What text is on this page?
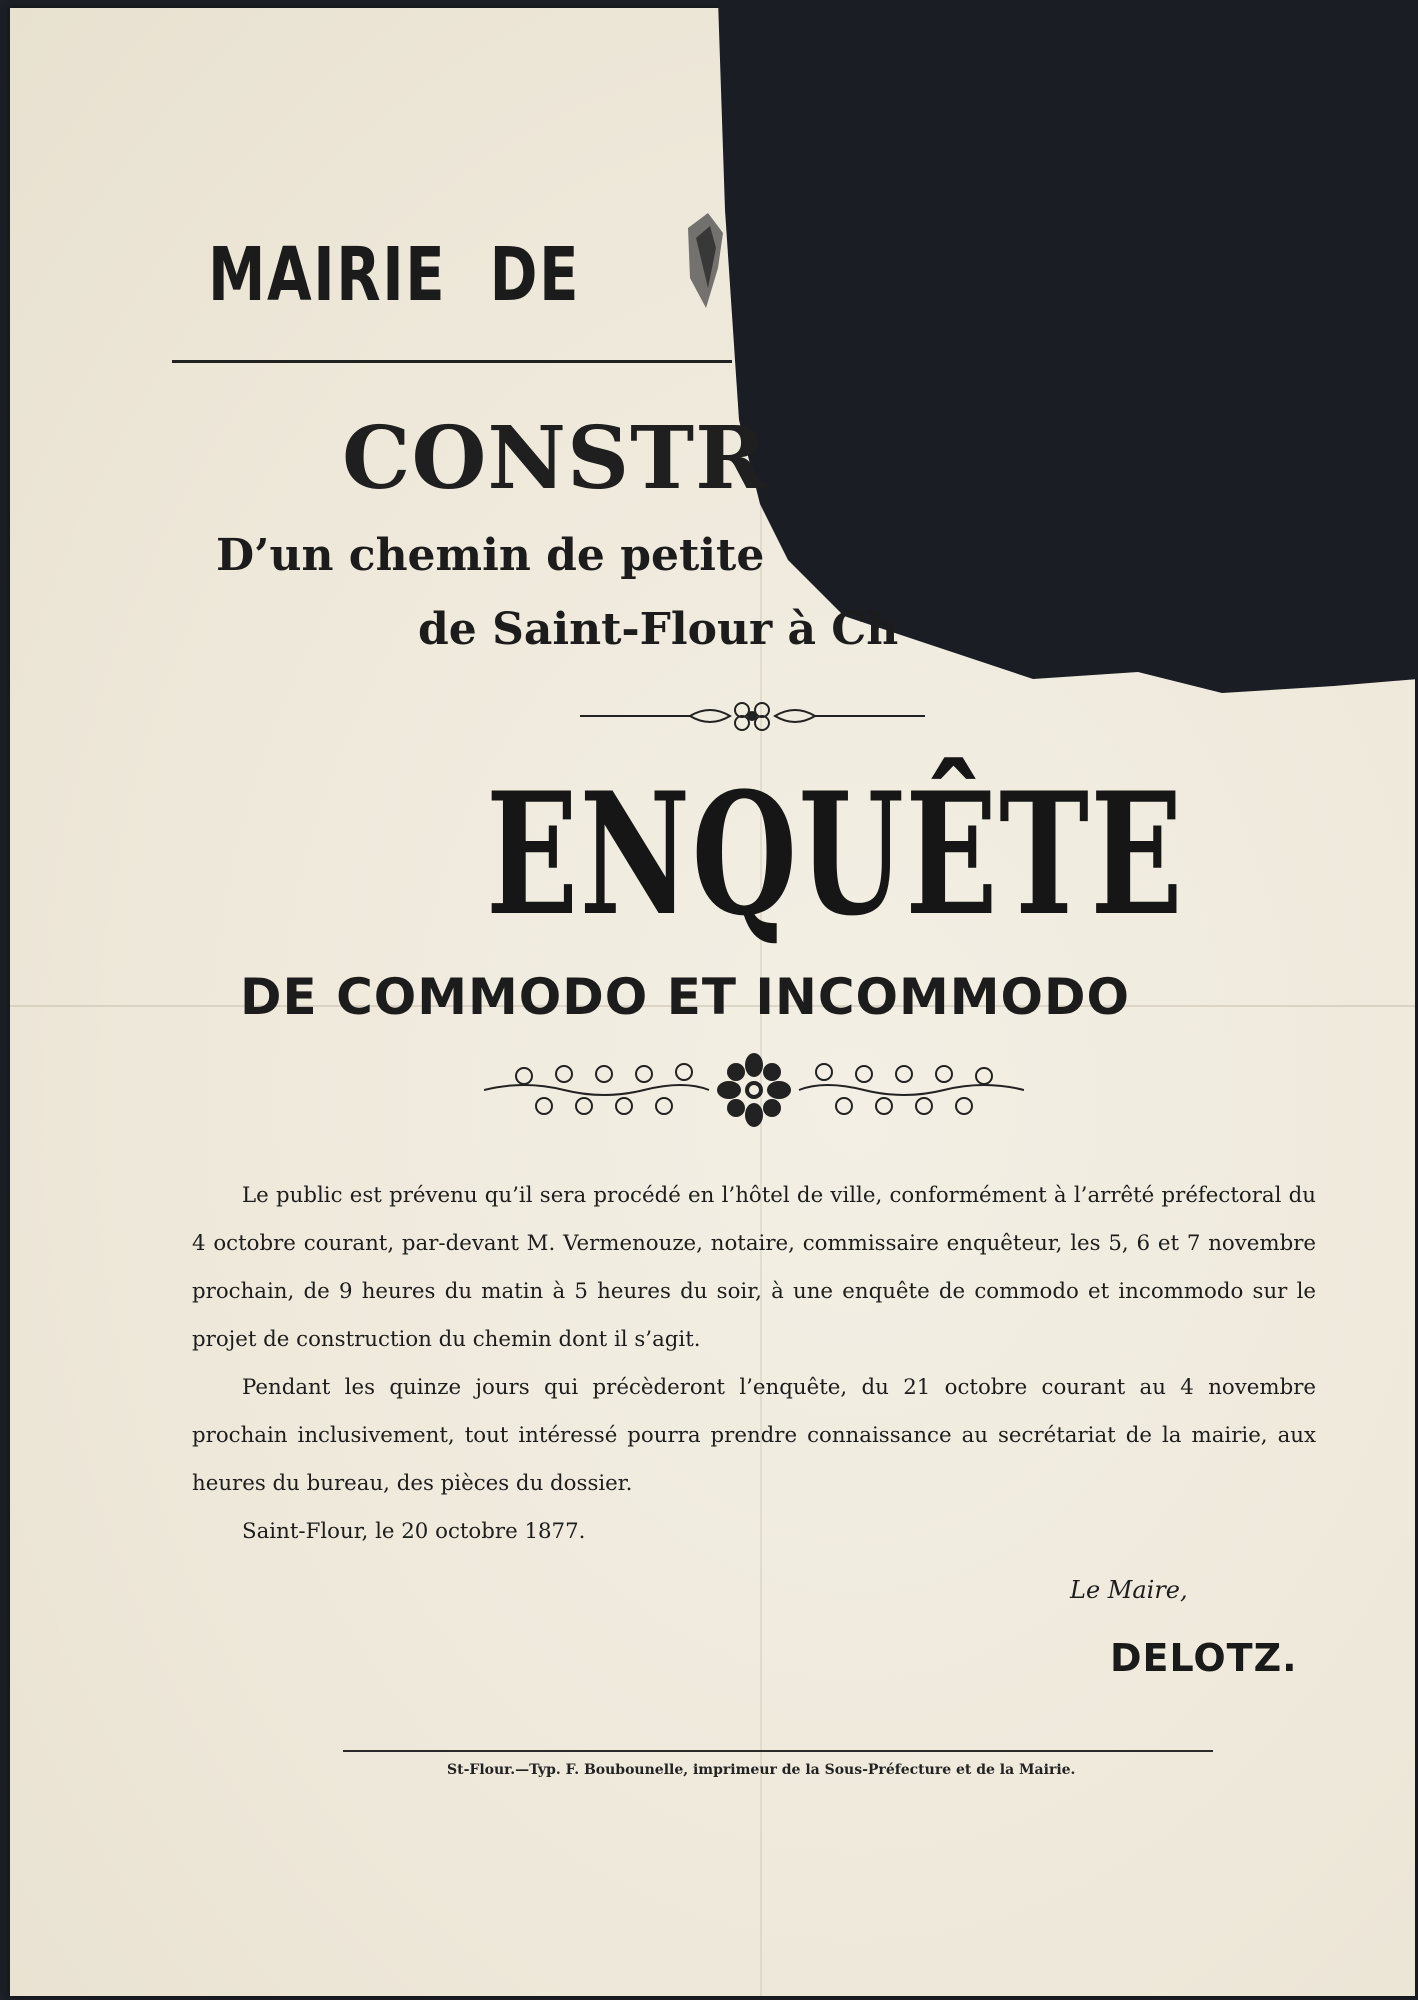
MAIRIE  DE
CONSTR
D’un chemin de petite
de Saint-Flour à Ch
ENQUÊTE
DE COMMODO ET INCOMMODO

Le public est prévenu qu’il sera procédé en l’hôtel de ville, conformément à l’arrêté préfectoral du 4 octobre courant, par-devant M. Vermenouze, notaire, commissaire enquêteur, les 5, 6 et 7 novembre prochain, de 9 heures du matin à 5 heures du soir, à une enquête de commodo et incommodo sur le projet de construction du chemin dont il s’agit.

Pendant les quinze jours qui précèderont l’enquête, du 21 octobre courant au 4 novembre prochain inclusivement, tout intéressé pourra prendre connaissance au secrétariat de la mairie, aux heures du bureau, des pièces du dossier.

Saint-Flour, le 20 octobre 1877.

Le Maire,
DELOTZ.
St-Flour.—Typ. F. Boubounelle, imprimeur de la Sous-Préfecture et de la Mairie.
